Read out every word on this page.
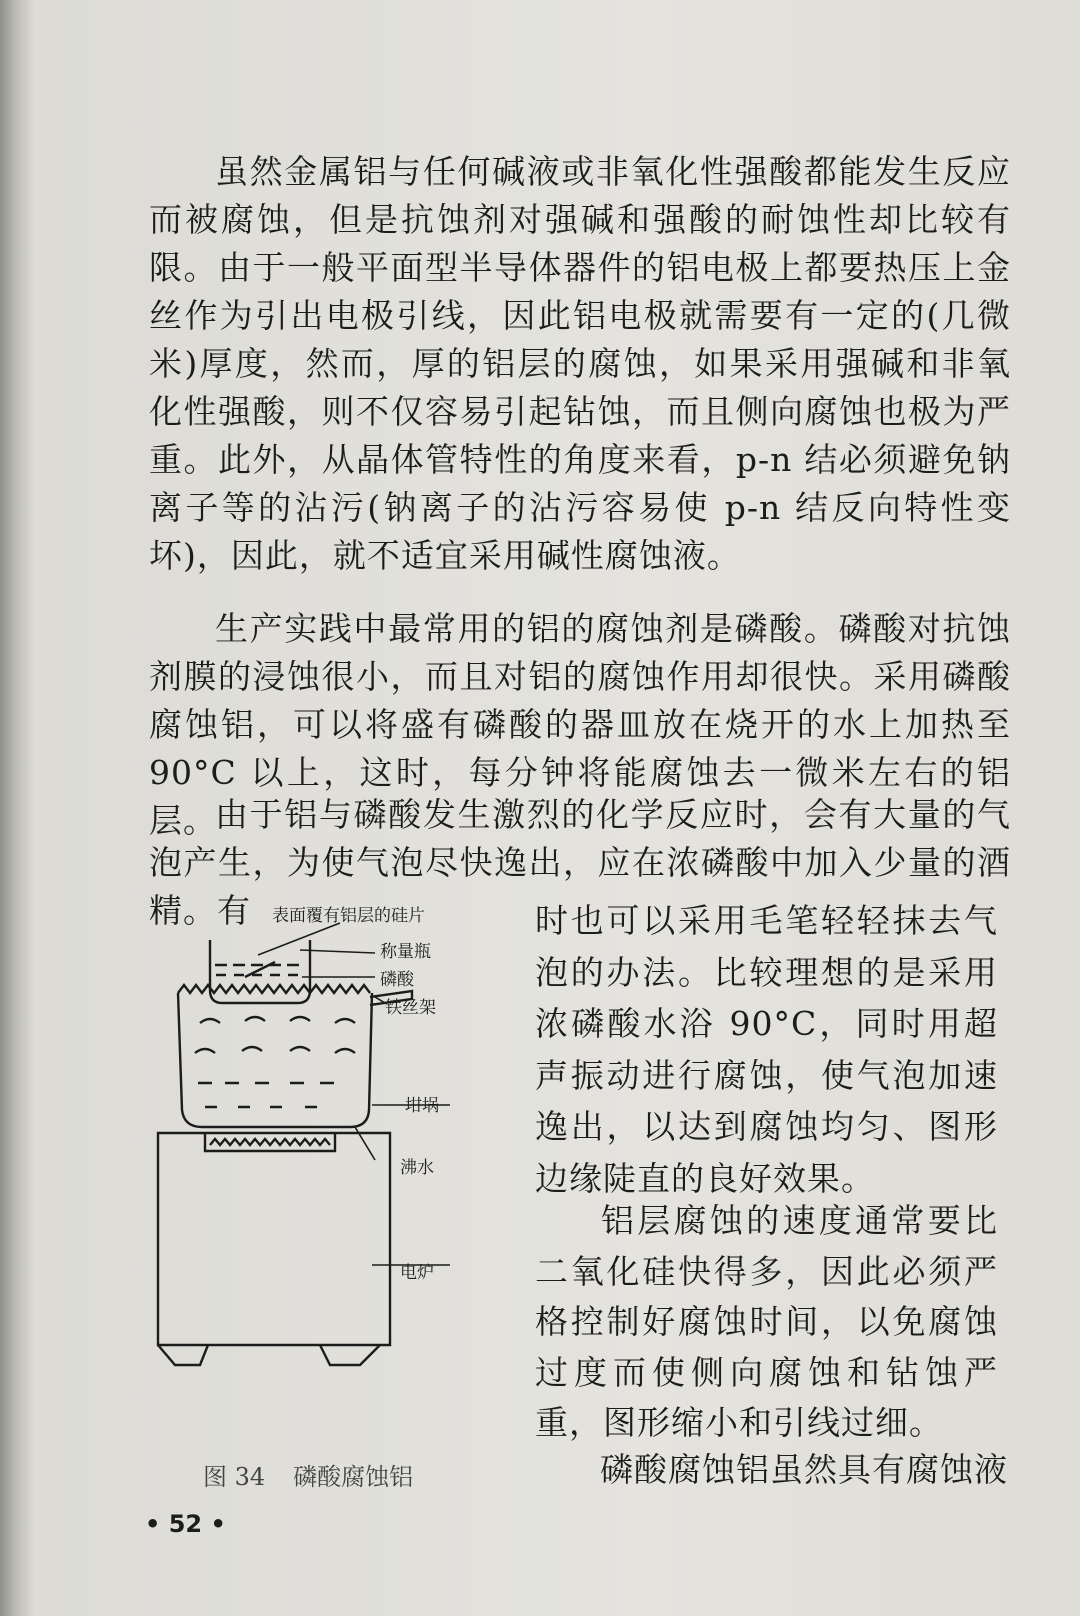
虽然金属铝与任何碱液或非氧化性强酸都能发生反应而被腐蚀，但是抗蚀剂对强碱和强酸的耐蚀性却比较有限。由于一般平面型半导体器件的铝电极上都要热压上金丝作为引出电极引线，因此铝电极就需要有一定的(几微米)厚度，然而，厚的铝层的腐蚀，如果采用强碱和非氧化性强酸，则不仅容易引起钻蚀，而且侧向腐蚀也极为严重。此外，从晶体管特性的角度来看，p-n 结必须避免钠离子等的沾污(钠离子的沾污容易使 p-n 结反向特性变坏)，因此，就不适宜采用碱性腐蚀液。

生产实践中最常用的铝的腐蚀剂是磷酸。磷酸对抗蚀剂膜的浸蚀很小，而且对铝的腐蚀作用却很快。采用磷酸腐蚀铝，可以将盛有磷酸的器皿放在烧开的水上加热至 90°C 以上，这时，每分钟将能腐蚀去一微米左右的铝层。

由于铝与磷酸发生激烈的化学反应时，会有大量的气泡产生，为使气泡尽快逸出，应在浓磷酸中加入少量的酒精。有	时也可以采用毛笔轻轻抹去气泡的办法。比较理想的是采用浓磷酸水浴 90°C，同时用超声振动进行腐蚀，使气泡加速逸出，以达到腐蚀均匀、图形边缘陡直的良好效果。

铝层腐蚀的速度通常要比二氧化硅快得多，因此必须严格控制好腐蚀时间，以免腐蚀过度而使侧向腐蚀和钻蚀严重，图形缩小和引线过细。

磷酸腐蚀铝虽然具有腐蚀液

表面覆有铝层的硅片
称量瓶
磷酸
铁丝架
坩埚
沸水
电炉
图 34 磷酸腐蚀铝
• 52 •
